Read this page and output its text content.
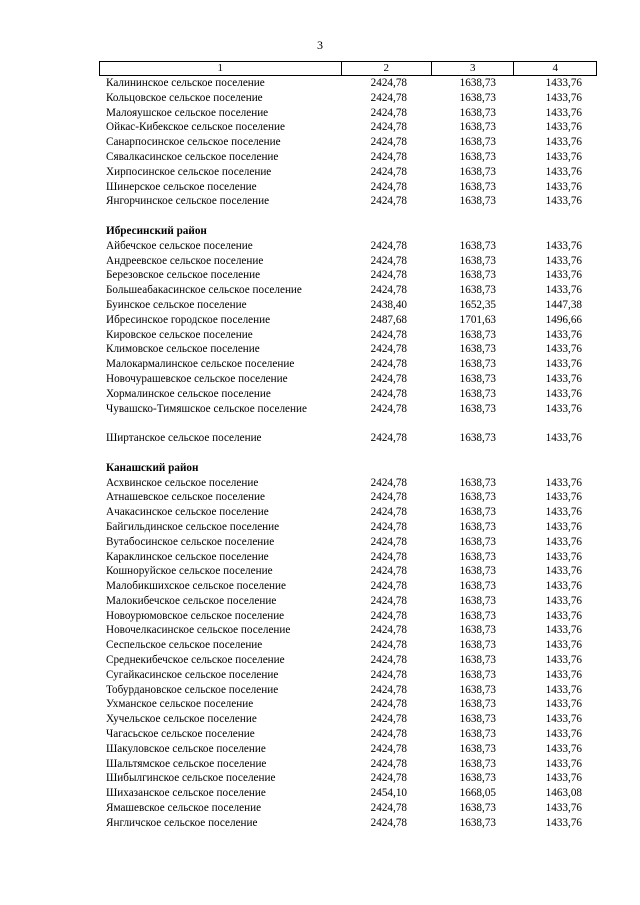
3
1	2	3	4
Калининское сельское поселение	2424,78	1638,73	1433,76
Кольцовское сельское поселение	2424,78	1638,73	1433,76
Малояушское сельское поселение	2424,78	1638,73	1433,76
Ойкас-Кибекское сельское поселение	2424,78	1638,73	1433,76
Санарпосинское сельское поселение	2424,78	1638,73	1433,76
Сявалкасинское сельское поселение	2424,78	1638,73	1433,76
Хирпосинское сельское поселение	2424,78	1638,73	1433,76
Шинерское сельское поселение	2424,78	1638,73	1433,76
Янгорчинское сельское поселение	2424,78	1638,73	1433,76
Ибресинский район
Айбечское сельское поселение	2424,78	1638,73	1433,76
Андреевское сельское поселение	2424,78	1638,73	1433,76
Березовское сельское поселение	2424,78	1638,73	1433,76
Большеабакасинское сельское поселение	2424,78	1638,73	1433,76
Буинское сельское поселение	2438,40	1652,35	1447,38
Ибресинское городское поселение	2487,68	1701,63	1496,66
Кировское сельское поселение	2424,78	1638,73	1433,76
Климовское сельское поселение	2424,78	1638,73	1433,76
Малокармалинское сельское поселение	2424,78	1638,73	1433,76
Новочурашевское сельское поселение	2424,78	1638,73	1433,76
Хормалинское сельское поселение	2424,78	1638,73	1433,76
Чувашско-Тимяшское сельское поселение	2424,78	1638,73	1433,76
Ширтанское сельское поселение	2424,78	1638,73	1433,76
Канашский район
Асхвинское сельское поселение	2424,78	1638,73	1433,76
Атнашевское сельское поселение	2424,78	1638,73	1433,76
Ачакасинское сельское поселение	2424,78	1638,73	1433,76
Байгильдинское сельское поселение	2424,78	1638,73	1433,76
Вутабосинское сельское поселение	2424,78	1638,73	1433,76
Караклинское сельское поселение	2424,78	1638,73	1433,76
Кошноруйское сельское поселение	2424,78	1638,73	1433,76
Малобикшихское сельское поселение	2424,78	1638,73	1433,76
Малокибечское сельское поселение	2424,78	1638,73	1433,76
Новоурюмовское сельское поселение	2424,78	1638,73	1433,76
Новочелкасинское сельское поселение	2424,78	1638,73	1433,76
Сеспельское сельское поселение	2424,78	1638,73	1433,76
Среднекибечское сельское поселение	2424,78	1638,73	1433,76
Сугайкасинское сельское поселение	2424,78	1638,73	1433,76
Тобурдановское сельское поселение	2424,78	1638,73	1433,76
Ухманское сельское поселение	2424,78	1638,73	1433,76
Хучельское сельское поселение	2424,78	1638,73	1433,76
Чагасьское сельское поселение	2424,78	1638,73	1433,76
Шакуловское сельское поселение	2424,78	1638,73	1433,76
Шальтямское сельское поселение	2424,78	1638,73	1433,76
Шибылгинское сельское поселение	2424,78	1638,73	1433,76
Шихазанское сельское поселение	2454,10	1668,05	1463,08
Ямашевское сельское поселение	2424,78	1638,73	1433,76
Янгличское сельское поселение	2424,78	1638,73	1433,76
